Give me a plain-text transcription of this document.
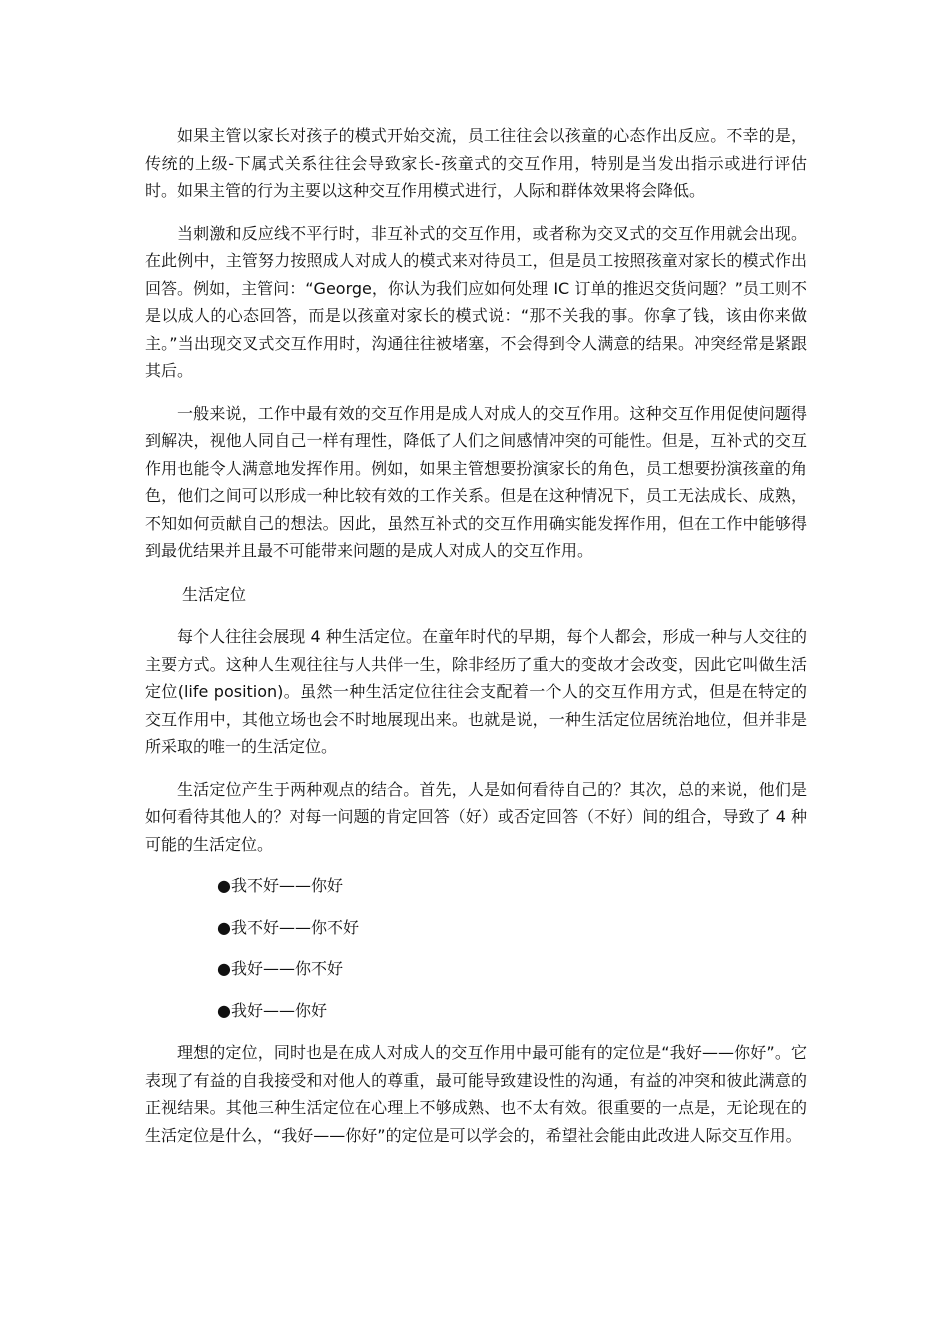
如果主管以家长对孩子的模式开始交流，员工往往会以孩童的心态作出反应。不幸的是，传统的上级-下属式关系往往会导致家长-孩童式的交互作用，特别是当发出指示或进行评估时。如果主管的行为主要以这种交互作用模式进行，人际和群体效果将会降低。

当刺激和反应线不平行时，非互补式的交互作用，或者称为交叉式的交互作用就会出现。在此例中，主管努力按照成人对成人的模式来对待员工，但是员工按照孩童对家长的模式作出回答。例如，主管问：“George，你认为我们应如何处理 IC 订单的推迟交货问题？”员工则不是以成人的心态回答，而是以孩童对家长的模式说：“那不关我的事。你拿了钱，该由你来做主。”当出现交叉式交互作用时，沟通往往被堵塞，不会得到令人满意的结果。冲突经常是紧跟其后。

一般来说，工作中最有效的交互作用是成人对成人的交互作用。这种交互作用促使问题得到解决，视他人同自己一样有理性，降低了人们之间感情冲突的可能性。但是，互补式的交互作用也能令人满意地发挥作用。例如，如果主管想要扮演家长的角色，员工想要扮演孩童的角色，他们之间可以形成一种比较有效的工作关系。但是在这种情况下，员工无法成长、成熟，不知如何贡献自己的想法。因此，虽然互补式的交互作用确实能发挥作用，但在工作中能够得到最优结果并且最不可能带来问题的是成人对成人的交互作用。

生活定位

每个人往往会展现 4 种生活定位。在童年时代的早期，每个人都会，形成一种与人交往的主要方式。这种人生观往往与人共伴一生，除非经历了重大的变故才会改变，因此它叫做生活定位(life position)。虽然一种生活定位往往会支配着一个人的交互作用方式，但是在特定的交互作用中，其他立场也会不时地展现出来。也就是说，一种生活定位居统治地位，但并非是所采取的唯一的生活定位。

生活定位产生于两种观点的结合。首先，人是如何看待自己的？其次，总的来说，他们是如何看待其他人的？对每一问题的肯定回答（好）或否定回答（不好）间的组合，导致了 4 种可能的生活定位。

●我不好——你好
●我不好——你不好
●我好——你不好
●我好——你好

理想的定位，同时也是在成人对成人的交互作用中最可能有的定位是“我好——你好”。它表现了有益的自我接受和对他人的尊重，最可能导致建设性的沟通，有益的冲突和彼此满意的正视结果。其他三种生活定位在心理上不够成熟、也不太有效。很重要的一点是，无论现在的生活定位是什么，“我好——你好”的定位是可以学会的，希望社会能由此改进人际交互作用。
